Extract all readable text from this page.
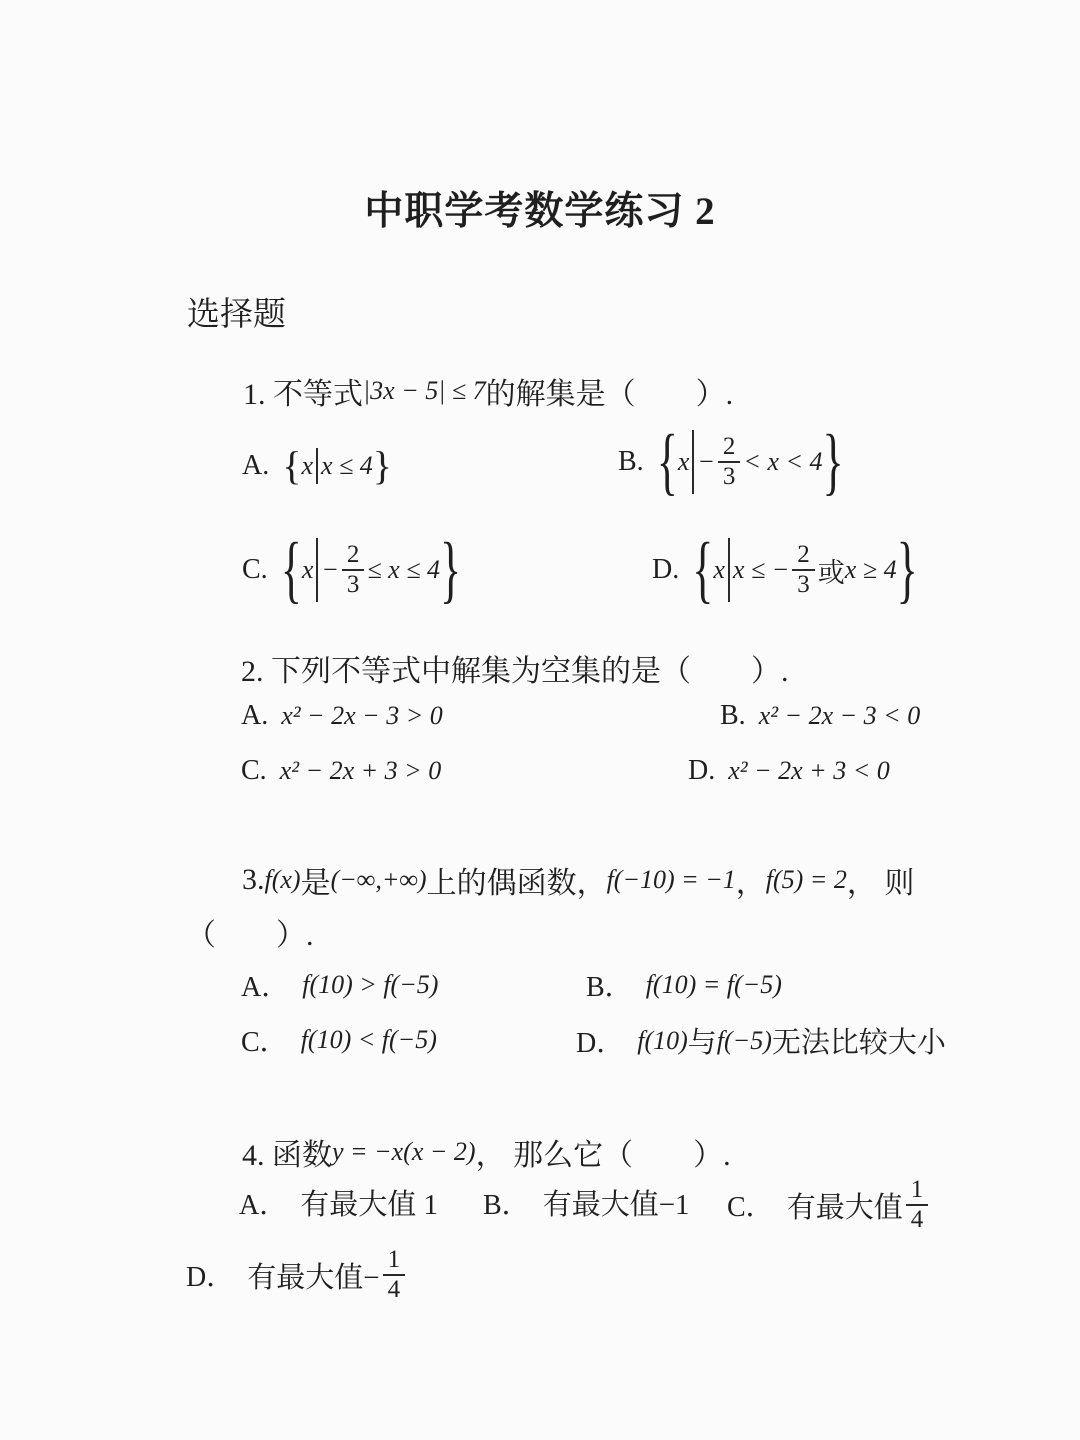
中职学考数学练习 2
选择题

1. 不等式 |3x − 5| ≤ 7 的解集是（　　）.

A. { x x ≤ 4 }	B. { $x - \frac{2}{3} < x < 4$ }
C. { $x - \frac{2}{3} \le x \le 4$ }	D. { x x ≤ − $\frac{2}{3}$ 或 x ≥ 4 }

2. 下列不等式中解集为空集的是（　　）.

A. x² − 2x − 3 > 0	B. x² − 2x − 3 < 0
C. x² − 2x + 3 > 0	D. x² − 2x + 3 < 0

3. f(x) 是 (−∞,+∞) 上的偶函数， f(−10) = −1 ， f(5) = 2 ， 则

（　　）.

A． f(10) > f(−5)	B． f(10) = f(−5)
C． f(10) < f(−5)	D． f(10) 与 f(−5) 无法比较大小

4. 函数 y = −x(x − 2) ， 那么它（　　）.

A． 有最大值 1 B． 有最大值−1 C． 有最大值 $\frac{1}{4}$
D． 有最大值− $\frac{1}{4}$
